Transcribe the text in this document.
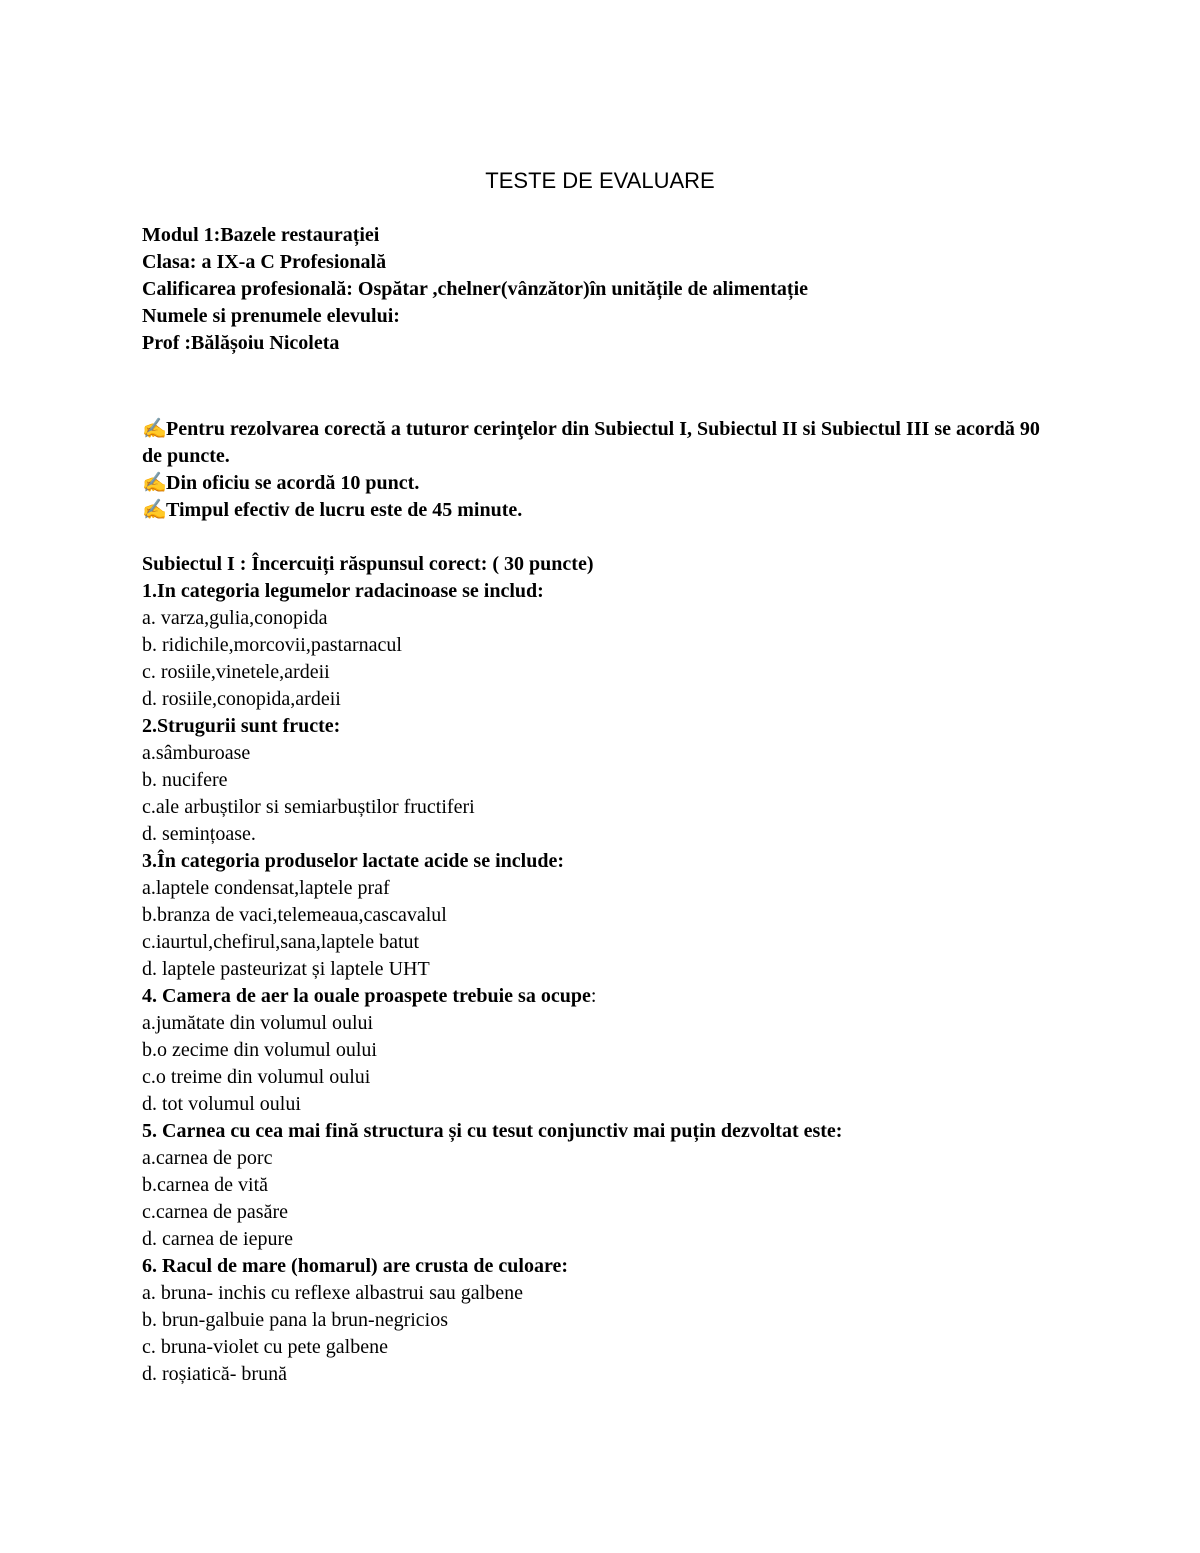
TESTE DE EVALUARE
Modul 1:Bazele restaurației
Clasa: a IX-a C Profesională
Calificarea profesională: Ospătar ,chelner(vânzător)în unitățile de alimentație
Numele si prenumele elevului:
Prof :Bălășoiu Nicoleta
✍Pentru rezolvarea corectă a tuturor cerinţelor din Subiectul I, Subiectul II si Subiectul III se acordă 90 de puncte.
✍Din oficiu se acordă 10 punct.
✍Timpul efectiv de lucru este de 45 minute.
Subiectul I : Încercuiți răspunsul corect: ( 30 puncte)
1.In categoria legumelor radacinoase se includ:
a. varza,gulia,conopida
b. ridichile,morcovii,pastarnacul
c. rosiile,vinetele,ardeii
d. rosiile,conopida,ardeii
2.Strugurii sunt fructe:
a.sâmburoase
b. nucifere
c.ale arbuștilor si semiarbuștilor fructiferi
d. semințoase.
3.În categoria produselor lactate acide se include:
a.laptele condensat,laptele praf
b.branza de vaci,telemeaua,cascavalul
c.iaurtul,chefirul,sana,laptele batut
d. laptele pasteurizat și laptele UHT
4. Camera de aer la ouale proaspete trebuie sa ocupe:
a.jumătate din volumul oului
b.o zecime din volumul oului
c.o treime din volumul oului
d. tot volumul oului
5. Carnea cu cea mai fină structura și cu tesut conjunctiv mai puțin dezvoltat este:
a.carnea de porc
b.carnea de vită
c.carnea de pasăre
d. carnea de iepure
6. Racul de mare (homarul) are crusta de culoare:
a. bruna- inchis cu reflexe albastrui sau galbene
b. brun-galbuie pana la brun-negricios
c. bruna-violet cu pete galbene
d. roșiatică- brună
